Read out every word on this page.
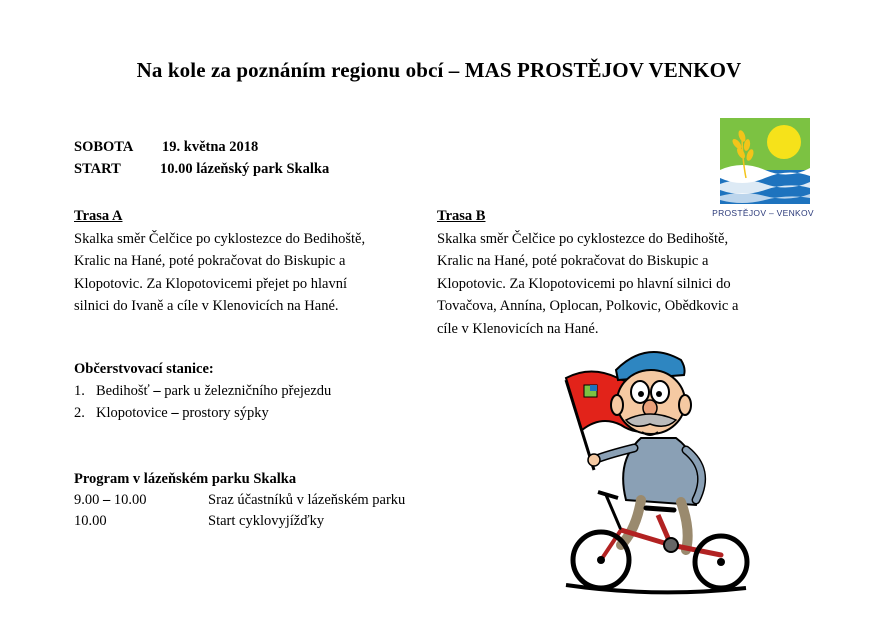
Na kole za poznáním regionu obcí – MAS PROSTĚJOV VENKOV
SOBOTA 19. května 2018
START	10.00 lázeňský park Skalka
Trasa A
Skalka směr Čelčice po cyklostezce do Bedihoště,
Kralic na Hané, poté pokračovat do Biskupic a
Klopotovic. Za Klopotovicemi přejet po hlavní
silnici do Ivaně a cíle v Klenovicích na Hané.
Trasa B
Skalka směr Čelčice po cyklostezce do Bedihoště,
Kralic na Hané, poté pokračovat do Biskupic a
Klopotovic. Za Klopotovicemi po hlavní silnici do
Tovačova, Annína, Oplocan, Polkovic, Obědkovic a
cíle v Klenovicích na Hané.
Občerstvovací stanice:
1. Bedihošť – park u železničního přejezdu
2. Klopotovice – prostory sýpky
Program v lázeňském parku Skalka
9.00 – 10.00	Sraz účastníků v lázeňském parku
10.00	Start cyklovyjížďky
PROSTĚJOV – VENKOV
